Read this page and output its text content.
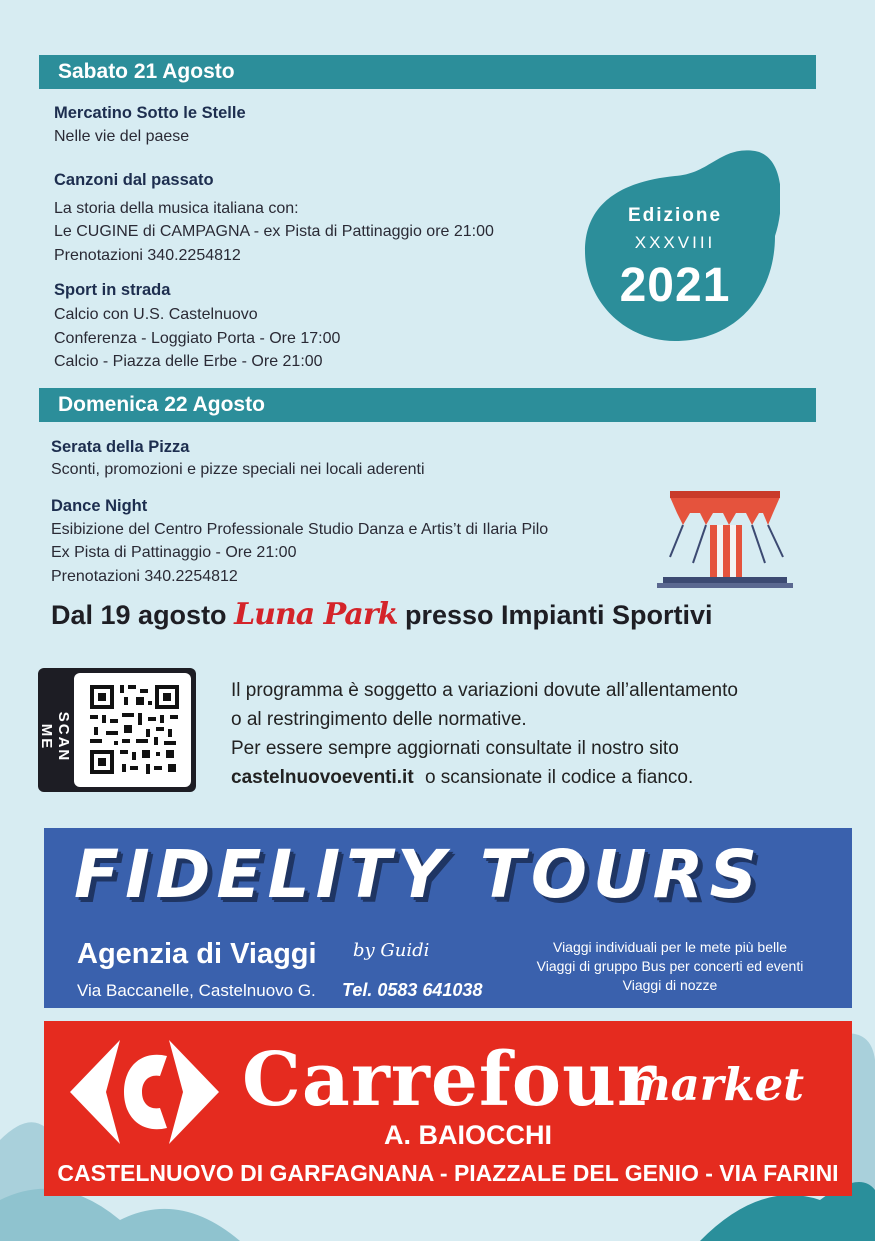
Sabato 21 Agosto
Mercatino Sotto le Stelle
Nelle vie del paese
Canzoni dal passato
La storia della musica italiana con:
Le CUGINE di CAMPAGNA - ex Pista di Pattinaggio ore 21:00
Prenotazioni 340.2254812
Sport in strada
Calcio con U.S. Castelnuovo
Conferenza - Loggiato Porta - Ore 17:00
Calcio - Piazza delle Erbe - Ore 21:00
Edizione
XXXVIII
2021
Domenica 22 Agosto
Serata della Pizza
Sconti, promozioni e pizze speciali nei locali aderenti
Dance Night
Esibizione del Centro Professionale Studio Danza e Artis’t di Ilaria Pilo
Ex Pista di Pattinaggio - Ore 21:00
Prenotazioni 340.2254812
Dal 19 agosto Luna Park presso Impianti Sportivi
SCAN ME
Il programma è soggetto a variazioni dovute all’allentamento
o al restringimento delle normative.
Per essere sempre aggiornati consultate il nostro sito
castelnuovoeventi.it o scansionate il codice a fianco.
FIDELITY TOURS
Agenzia di Viaggi by Guidi
Via Baccanelle, Castelnuovo G. Tel. 0583 641038
Viaggi individuali per le mete più belle
Viaggi di gruppo Bus per concerti ed eventi
Viaggi di nozze
Carrefour
market
A. BAIOCCHI
CASTELNUOVO DI GARFAGNANA - PIAZZALE DEL GENIO - VIA FARINI
